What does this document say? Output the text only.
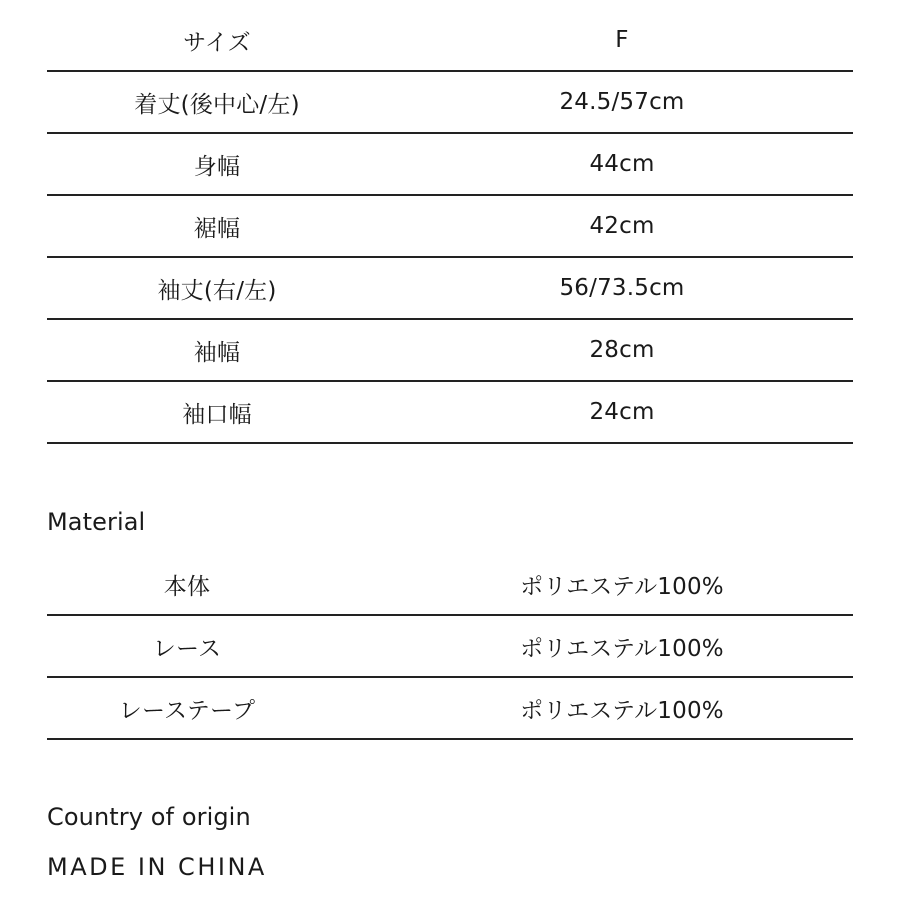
サイズ	F
着丈(後中心/左)	24.5/57cm
身幅	44cm
裾幅	42cm
袖丈(右/左)	56/73.5cm
袖幅	28cm
袖口幅	24cm
Material
本体	ポリエステル100%
レース	ポリエステル100%
レーステープ	ポリエステル100%
Country of origin
MADE IN CHINA
